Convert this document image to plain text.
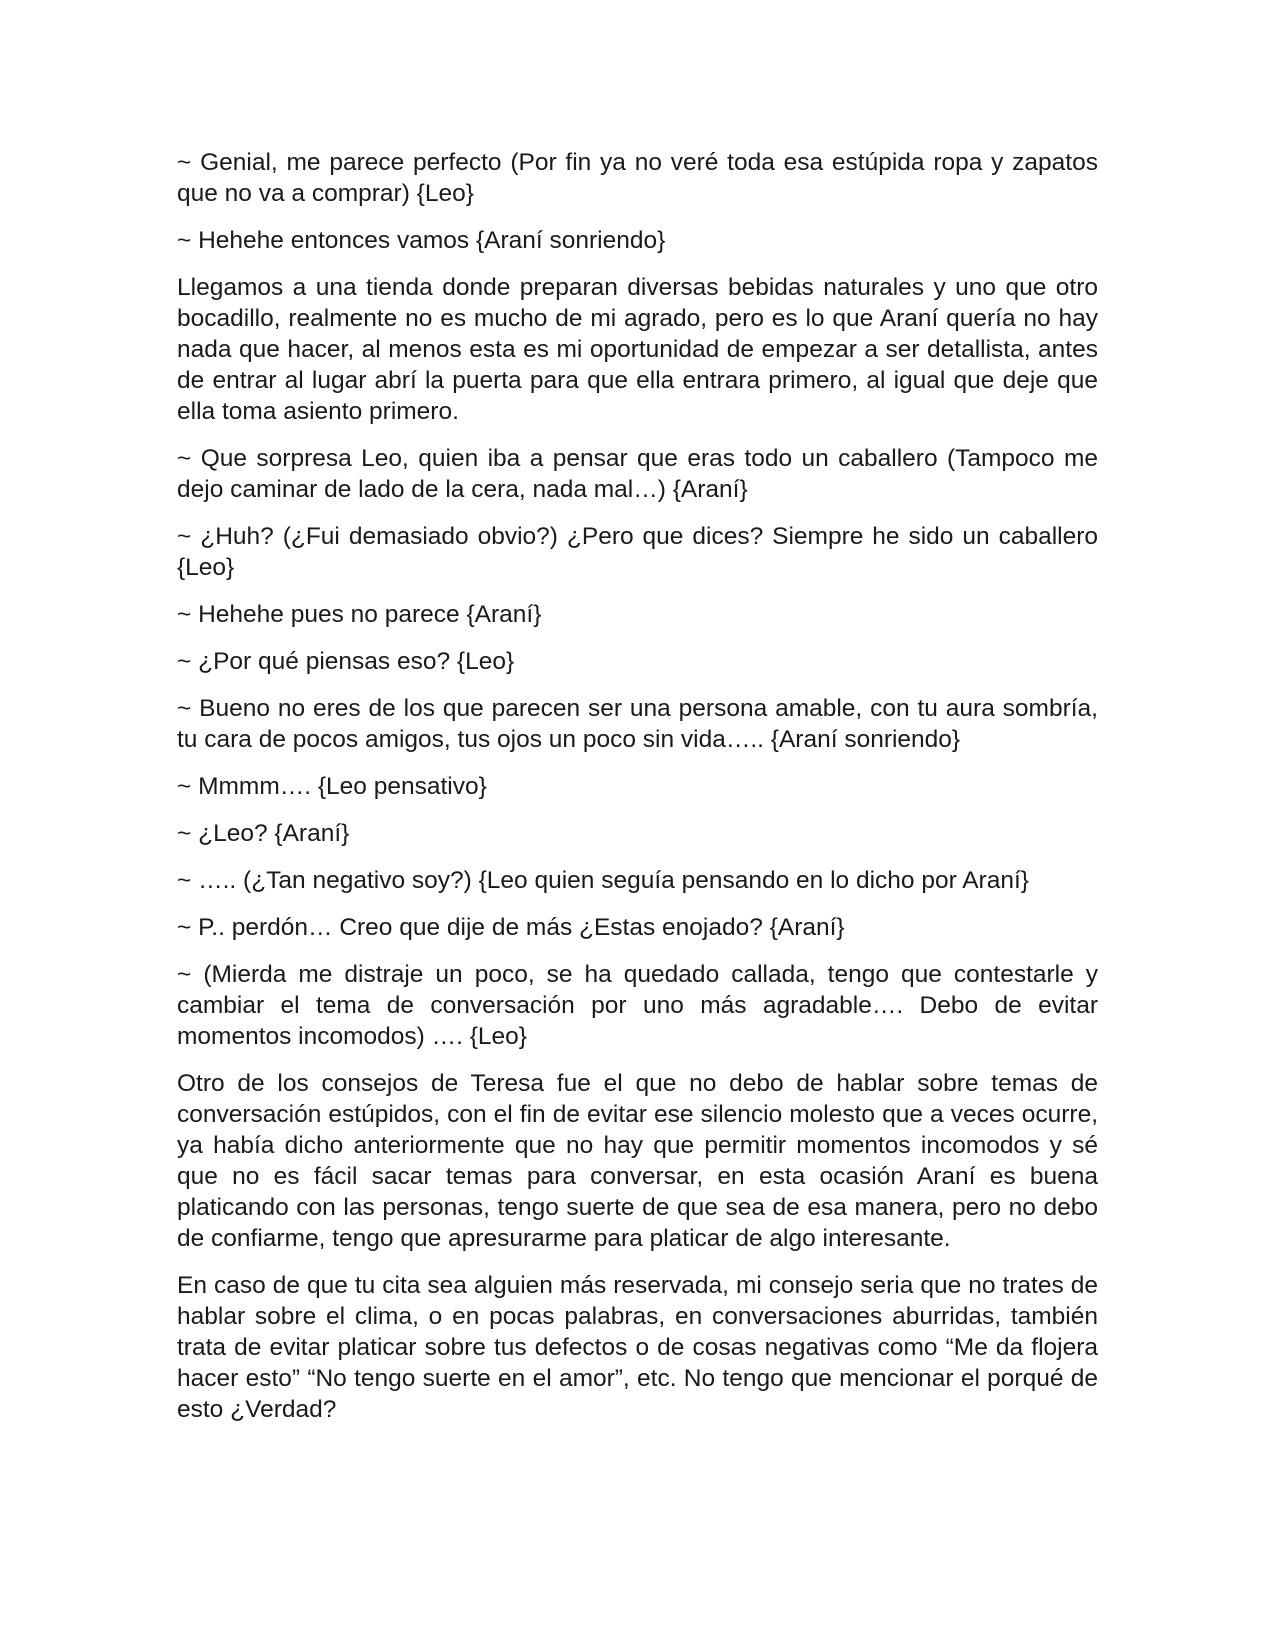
~ Genial, me parece perfecto (Por fin ya no veré toda esa estúpida ropa y zapatos que no va a comprar) {Leo}

~ Hehehe entonces vamos {Araní sonriendo}

Llegamos a una tienda donde preparan diversas bebidas naturales y uno que otro bocadillo, realmente no es mucho de mi agrado, pero es lo que Araní quería no hay nada que hacer, al menos esta es mi oportunidad de empezar a ser detallista, antes de entrar al lugar abrí la puerta para que ella entrara primero, al igual que deje que ella toma asiento primero.

~ Que sorpresa Leo, quien iba a pensar que eras todo un caballero (Tampoco me dejo caminar de lado de la cera, nada mal…) {Araní}

~ ¿Huh? (¿Fui demasiado obvio?) ¿Pero que dices? Siempre he sido un caballero {Leo}

~ Hehehe pues no parece {Araní}

~ ¿Por qué piensas eso? {Leo}

~ Bueno no eres de los que parecen ser una persona amable, con tu aura sombría, tu cara de pocos amigos, tus ojos un poco sin vida….. {Araní sonriendo}

~ Mmmm…. {Leo pensativo}

~ ¿Leo? {Araní}

~ ….. (¿Tan negativo soy?) {Leo quien seguía pensando en lo dicho por Araní}

~ P.. perdón… Creo que dije de más ¿Estas enojado? {Araní}

~ (Mierda me distraje un poco, se ha quedado callada, tengo que contestarle y cambiar el tema de conversación por uno más agradable…. Debo de evitar momentos incomodos) …. {Leo}

Otro de los consejos de Teresa fue el que no debo de hablar sobre temas de conversación estúpidos, con el fin de evitar ese silencio molesto que a veces ocurre, ya había dicho anteriormente que no hay que permitir momentos incomodos y sé que no es fácil sacar temas para conversar, en esta ocasión Araní es buena platicando con las personas, tengo suerte de que sea de esa manera, pero no debo de confiarme, tengo que apresurarme para platicar de algo interesante.

En caso de que tu cita sea alguien más reservada, mi consejo seria que no trates de hablar sobre el clima, o en pocas palabras, en conversaciones aburridas, también trata de evitar platicar sobre tus defectos o de cosas negativas como “Me da flojera hacer esto” “No tengo suerte en el amor”, etc. No tengo que mencionar el porqué de esto ¿Verdad?
